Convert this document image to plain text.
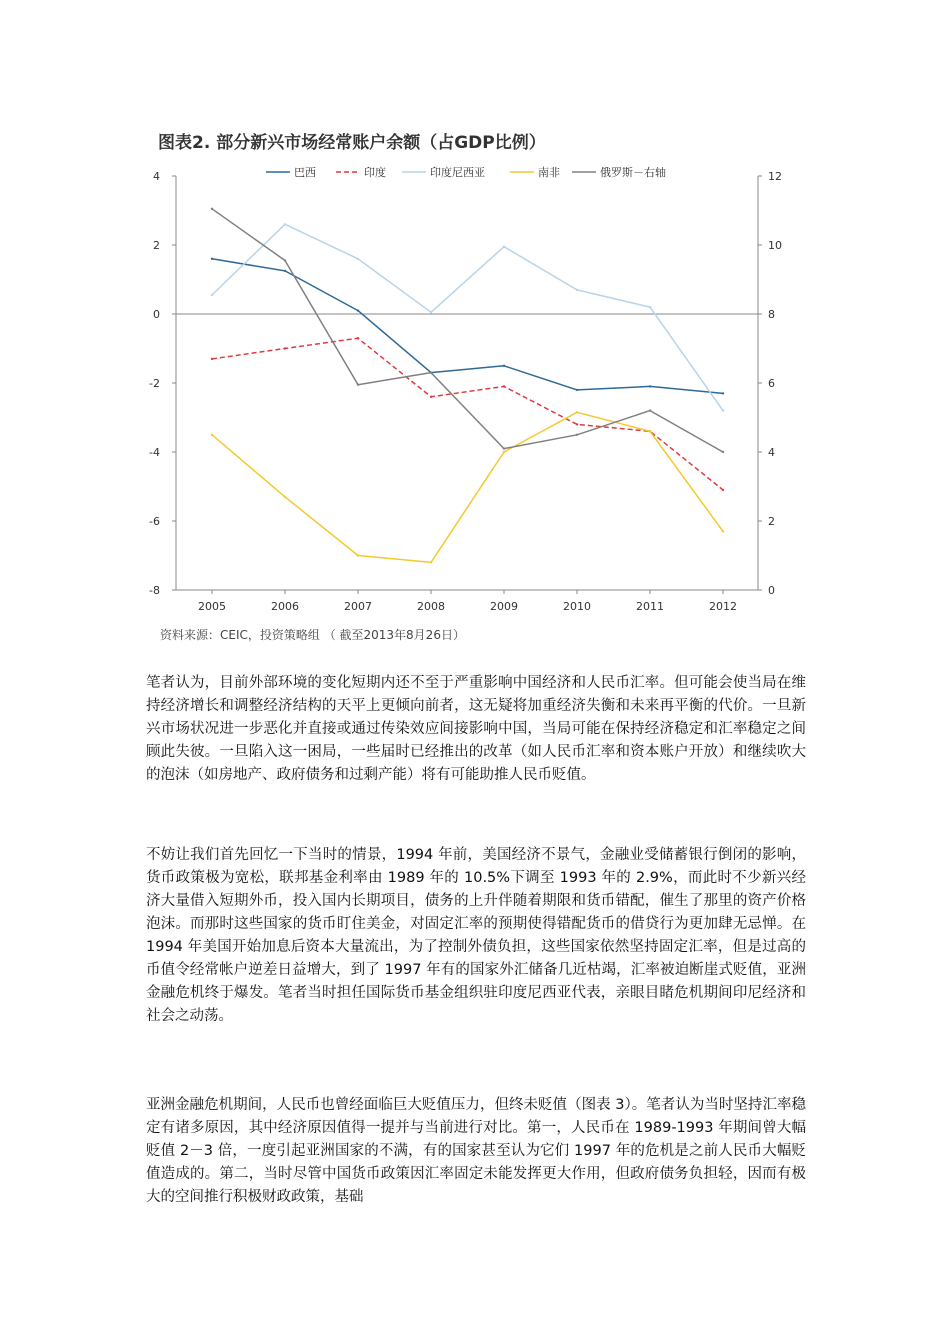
图表2. 部分新兴市场经常账户余额（占GDP比例）
4
2
0
-2
-4
-6
-8
12
10
8
6
4
2
0
2005	2006	2007	2008	2009	2010	2011	2012
巴西	印度	印度尼西亚	南非	俄罗斯－右轴
资料来源：CEIC，投资策略组 （ 截至2013年8月26日）

笔者认为，目前外部环境的变化短期内还不至于严重影响中国经济和人民币汇率。但可能会使当局在维持经济增长和调整经济结构的天平上更倾向前者，这无疑将加重经济失衡和未来再平衡的代价。一旦新兴市场状况进一步恶化并直接或通过传染效应间接影响中国，当局可能在保持经济稳定和汇率稳定之间顾此失彼。一旦陷入这一困局，一些届时已经推出的改革（如人民币汇率和资本账户开放）和继续吹大的泡沫（如房地产、政府债务和过剩产能）将有可能助推人民币贬值。

不妨让我们首先回忆一下当时的情景，1994 年前，美国经济不景气，金融业受储蓄银行倒闭的影响，货币政策极为宽松，联邦基金利率由 1989 年的 10.5%下调至 1993 年的 2.9%，而此时不少新兴经济大量借入短期外币，投入国内长期项目，债务的上升伴随着期限和货币错配，催生了那里的资产价格泡沫。而那时这些国家的货币盯住美金，对固定汇率的预期使得错配货币的借贷行为更加肆无忌惮。在 1994 年美国开始加息后资本大量流出，为了控制外债负担，这些国家依然坚持固定汇率，但是过高的币值令经常帐户逆差日益增大，到了 1997 年有的国家外汇储备几近枯竭，汇率被迫断崖式贬值，亚洲金融危机终于爆发。笔者当时担任国际货币基金组织驻印度尼西亚代表，亲眼目睹危机期间印尼经济和社会之动荡。

亚洲金融危机期间，人民币也曾经面临巨大贬值压力，但终未贬值（图表 3）。笔者认为当时坚持汇率稳定有诸多原因，其中经济原因值得一提并与当前进行对比。第一，人民币在 1989-1993 年期间曾大幅贬值 2－3 倍，一度引起亚洲国家的不满，有的国家甚至认为它们 1997 年的危机是之前人民币大幅贬值造成的。第二，当时尽管中国货币政策因汇率固定未能发挥更大作用，但政府债务负担轻，因而有极大的空间推行积极财政政策，基础
